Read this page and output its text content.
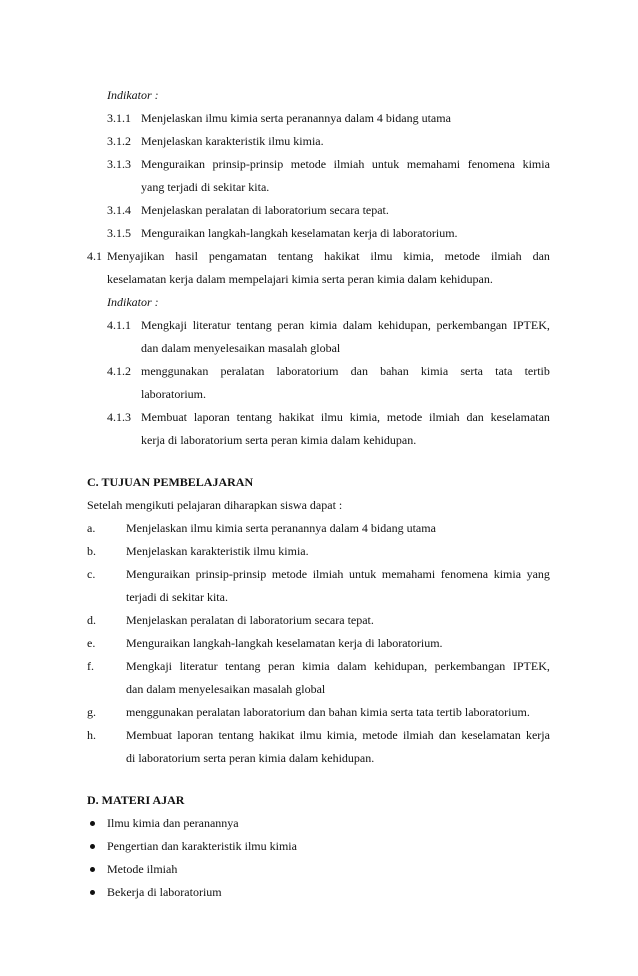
Indikator :
3.1.1 Menjelaskan ilmu kimia serta peranannya dalam 4 bidang utama
3.1.2 Menjelaskan karakteristik ilmu kimia.
3.1.3 Menguraikan prinsip-prinsip metode ilmiah untuk memahami fenomena kimia
yang terjadi di sekitar kita.
3.1.4 Menjelaskan peralatan di laboratorium secara tepat.
3.1.5 Menguraikan langkah-langkah keselamatan kerja di laboratorium.
4.1 Menyajikan hasil pengamatan tentang hakikat ilmu kimia, metode ilmiah dan
keselamatan kerja dalam mempelajari kimia serta peran kimia dalam kehidupan.
Indikator :
4.1.1 Mengkaji literatur tentang peran kimia dalam kehidupan, perkembangan IPTEK,
dan dalam menyelesaikan masalah global
4.1.2 menggunakan peralatan laboratorium dan bahan kimia serta tata tertib
laboratorium.
4.1.3 Membuat laporan tentang hakikat ilmu kimia, metode ilmiah dan keselamatan
kerja di laboratorium serta peran kimia dalam kehidupan.
C. TUJUAN PEMBELAJARAN
Setelah mengikuti pelajaran diharapkan siswa dapat :
a.	Menjelaskan ilmu kimia serta peranannya dalam 4 bidang utama
b.	Menjelaskan karakteristik ilmu kimia.
c.	Menguraikan prinsip-prinsip metode ilmiah untuk memahami fenomena kimia yang
terjadi di sekitar kita.
d.	Menjelaskan peralatan di laboratorium secara tepat.
e.	Menguraikan langkah-langkah keselamatan kerja di laboratorium.
f.	Mengkaji literatur tentang peran kimia dalam kehidupan, perkembangan IPTEK,
dan dalam menyelesaikan masalah global
g.	menggunakan peralatan laboratorium dan bahan kimia serta tata tertib laboratorium.
h.	Membuat laporan tentang hakikat ilmu kimia, metode ilmiah dan keselamatan kerja
di laboratorium serta peran kimia dalam kehidupan.
D. MATERI AJAR
Ilmu kimia dan peranannya
Pengertian dan karakteristik ilmu kimia
Metode ilmiah
Bekerja di laboratorium
